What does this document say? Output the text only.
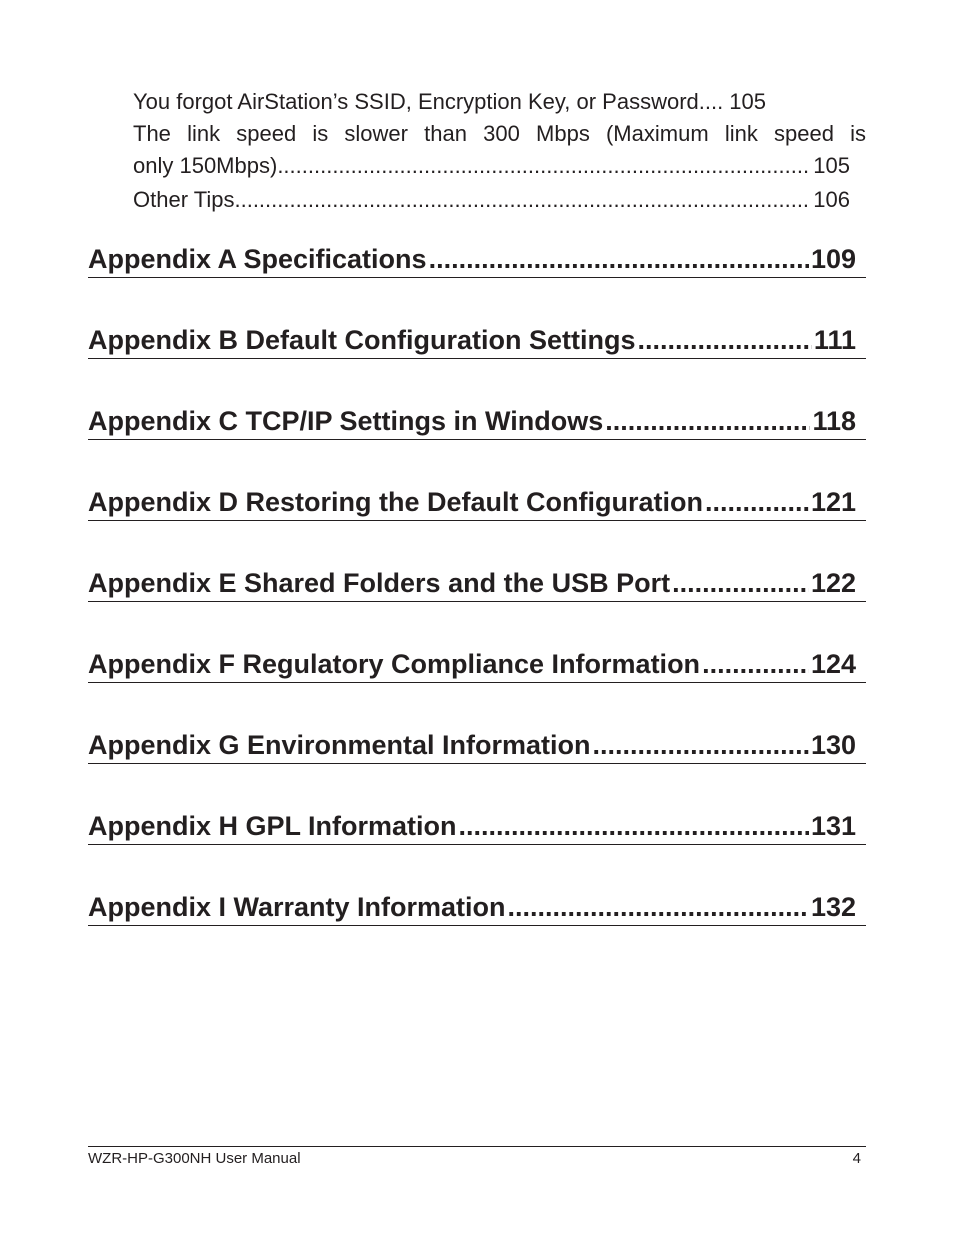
You forgot AirStation’s SSID, Encryption Key, or Password.... 105
The link speed is slower than 300 Mbps (Maximum link speed is
only 150Mbps) .....	105
Other Tips .....	106
Appendix A Specifications .....	109
Appendix B Default Configuration Settings .....	111
Appendix C TCP/IP Settings in Windows .....	118
Appendix D Restoring the Default Configuration .....	121
Appendix E Shared Folders and the USB Port .....	122
Appendix F Regulatory Compliance Information .....	124
Appendix G Environmental Information .....	130
Appendix H GPL Information .....	131
Appendix I Warranty Information .....	132
WZR-HP-G300NH User Manual	4
